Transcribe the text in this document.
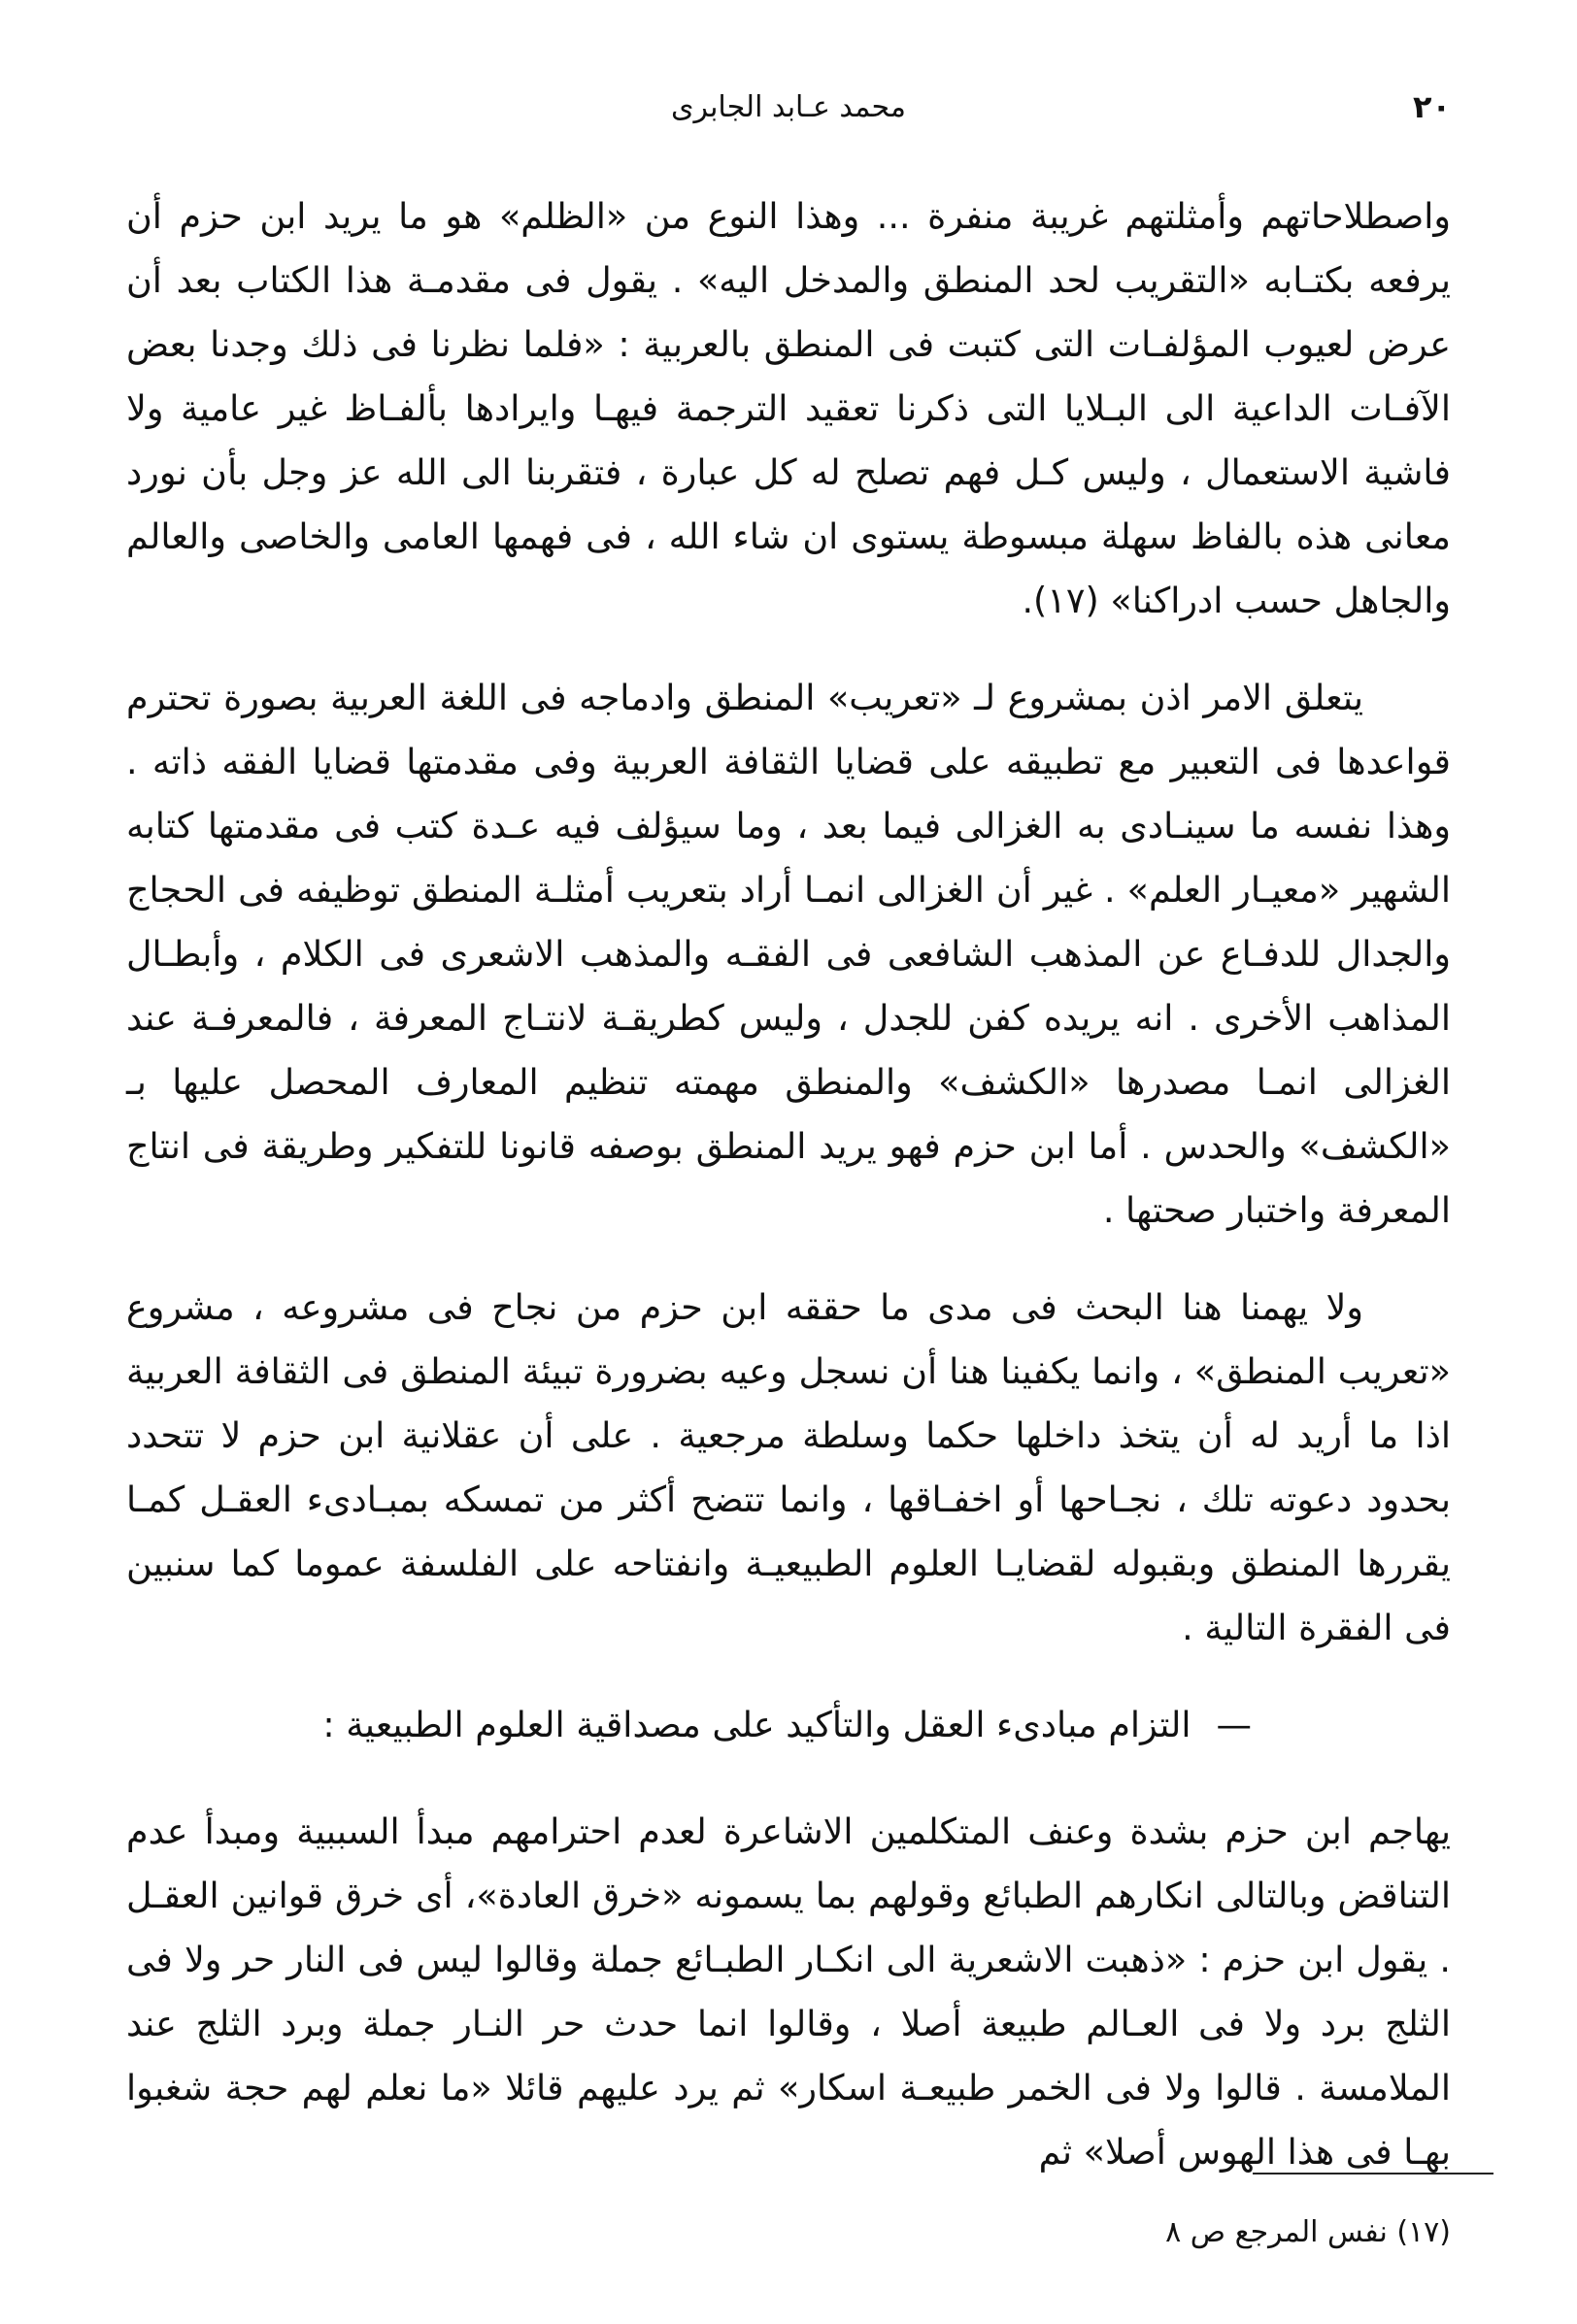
٢٠
محمد عـابد الجابرى

واصطلاحاتهم وأمثلتهم غريبة منفرة ... وهذا النوع من «الظلم» هو ما يريد ابن حزم أن يرفعه بكتـابه «التقريب لحد المنطق والمدخل اليه» . يقول فى مقدمـة هذا الكتاب بعد أن عرض لعيوب المؤلفـات التى كتبت فى المنطق بالعربية : «فلما نظرنا فى ذلك وجدنا بعض الآفـات الداعية الى البـلايا التى ذكرنا تعقيد الترجمة فيهـا وايرادها بألفـاظ غير عامية ولا فاشية الاستعمال ، وليس كـل فهم تصلح له كل عبارة ، فتقربنا الى الله عز وجل بأن نورد معانى هذه بالفاظ سهلة مبسوطة يستوى ان شاء الله ، فى فهمها العامى والخاصى والعالم والجاهل حسب ادراكنا» (١٧).

يتعلق الامر اذن بمشروع لـ «تعريب» المنطق وادماجه فى اللغة العربية بصورة تحترم قواعدها فى التعبير مع تطبيقه على قضايا الثقافة العربية وفى مقدمتها قضايا الفقه ذاته . وهذا نفسه ما سينـادى به الغزالى فيما بعد ، وما سيؤلف فيه عـدة كتب فى مقدمتها كتابه الشهير «معيـار العلم» . غير أن الغزالى انمـا أراد بتعريب أمثلـة المنطق توظيفه فى الحجاج والجدال للدفـاع عن المذهب الشافعى فى الفقـه والمذهب الاشعرى فى الكلام ، وأبطـال المذاهب الأخرى . انه يريده كفن للجدل ، وليس كطريقـة لانتـاج المعرفة ، فالمعرفـة عند الغزالى انمـا مصدرها «الكشف» والمنطق مهمته تنظيم المعارف المحصل عليها بـ «الكشف» والحدس . أما ابن حزم فهو يريد المنطق بوصفه قانونا للتفكير وطريقة فى انتاج المعرفة واختبار صحتها .

ولا يهمنا هنا البحث فى مدى ما حققه ابن حزم من نجاح فى مشروعه ، مشروع «تعريب المنطق» ، وانما يكفينا هنا أن نسجل وعيه بضرورة تبيئة المنطق فى الثقافة العربية اذا ما أريد له أن يتخذ داخلها حكما وسلطة مرجعية . على أن عقلانية ابن حزم لا تتحدد بحدود دعوته تلك ، نجـاحها أو اخفـاقها ، وانما تتضح أكثر من تمسكه بمبـادىء العقـل كمـا يقررها المنطق وبقبوله لقضايـا العلوم الطبيعيـة وانفتاحه على الفلسفة عموما كما سنبين فى الفقرة التالية .

—التزام مبادىء العقل والتأكيد على مصداقية العلوم الطبيعية :

يهاجم ابن حزم بشدة وعنف المتكلمين الاشاعرة لعدم احترامهم مبدأ السببية ومبدأ عدم التناقض وبالتالى انكارهم الطبائع وقولهم بما يسمونه «خرق العادة»، أى خرق قوانين العقـل . يقول ابن حزم : «ذهبت الاشعرية الى انكـار الطبـائع جملة وقالوا ليس فى النار حر ولا فى الثلج برد ولا فى العـالم طبيعة أصلا ، وقالوا انما حدث حر النـار جملة وبرد الثلج عند الملامسة . قالوا ولا فى الخمر طبيعـة اسكار» ثم يرد عليهم قائلا «ما نعلم لهم حجة شغبوا بهـا فى هذا الهوس أصلا» ثم

(١٧) نفس المرجع ص ٨
